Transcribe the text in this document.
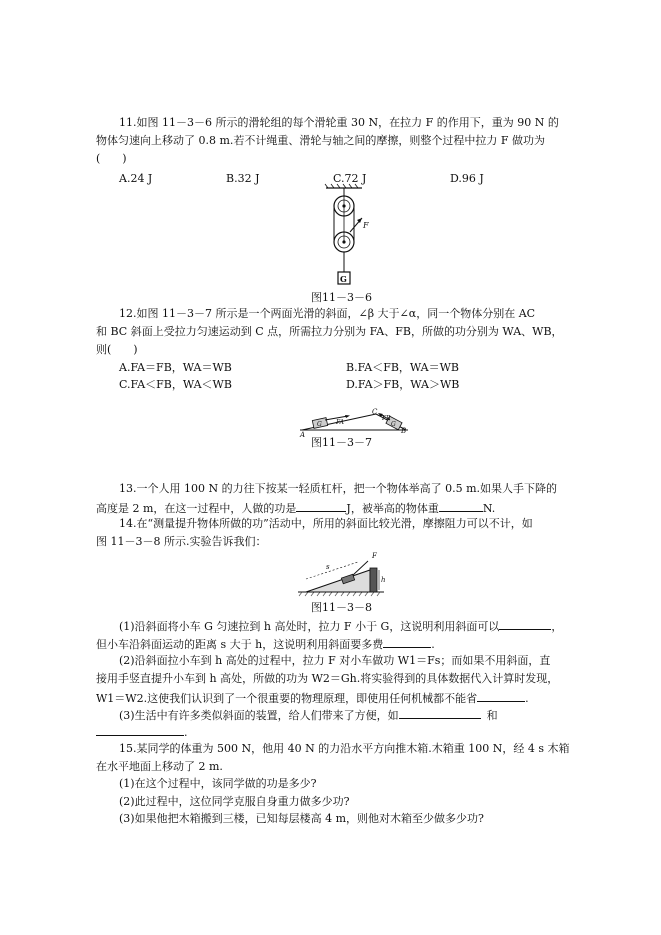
11.如图 11－3－6 所示的滑轮组的每个滑轮重 30 N，在拉力 F 的作用下，重为 90 N 的
物体匀速向上移动了 0.8 m.若不计绳重、滑轮与轴之间的摩擦，则整个过程中拉力 F 做功为
(　　)
A.24 J	B.32 J	C.72 J	D.96 J
F
G
图11－3－6
12.如图 11－3－7 所示是一个两面光滑的斜面，∠β 大于∠α，同一个物体分别在 AC
和 BC 斜面上受拉力匀速运动到 C 点，所需拉力分别为 FA、FB，所做的功分别为 WA、WB，
则(　　)
A.FA＝FB，WA＝WB	B.FA＜FB，WA＝WB
C.FA＜FB，WA＜WB	D.FA＞FB，WA＞WB
A	B
C
FA
FB
G	G
图11－3－7
13.一个人用 100 N 的力往下按某一轻质杠杆，把一个物体举高了 0.5 m.如果人手下降的
高度是 2 m，在这一过程中，人做的功是	J，被举高的物体重	N.
14.在“测量提升物体所做的功”活动中，所用的斜面比较光滑，摩擦阻力可以不计，如
图 11－3－8 所示.实验告诉我们：
s
h
F
图11－3－8
(1)沿斜面将小车 G 匀速拉到 h 高处时，拉力 F 小于 G，这说明利用斜面可以	，
但小车沿斜面运动的距离 s 大于 h，这说明利用斜面要多费	.
(2)沿斜面拉小车到 h 高处的过程中，拉力 F 对小车做功 W1＝Fs；而如果不用斜面，直
接用手竖直提升小车到 h 高处，所做的功为 W2＝Gh.将实验得到的具体数据代入计算时发现，
W1＝W2.这使我们认识到了一个很重要的物理原理，即使用任何机械都不能省	.
(3)生活中有许多类似斜面的装置，给人们带来了方便，如	和
.
15.某同学的体重为 500 N，他用 40 N 的力沿水平方向推木箱.木箱重 100 N，经 4 s 木箱
在水平地面上移动了 2 m.
(1)在这个过程中，该同学做的功是多少?
(2)此过程中，这位同学克服自身重力做多少功?
(3)如果他把木箱搬到三楼，已知每层楼高 4 m，则他对木箱至少做多少功?
